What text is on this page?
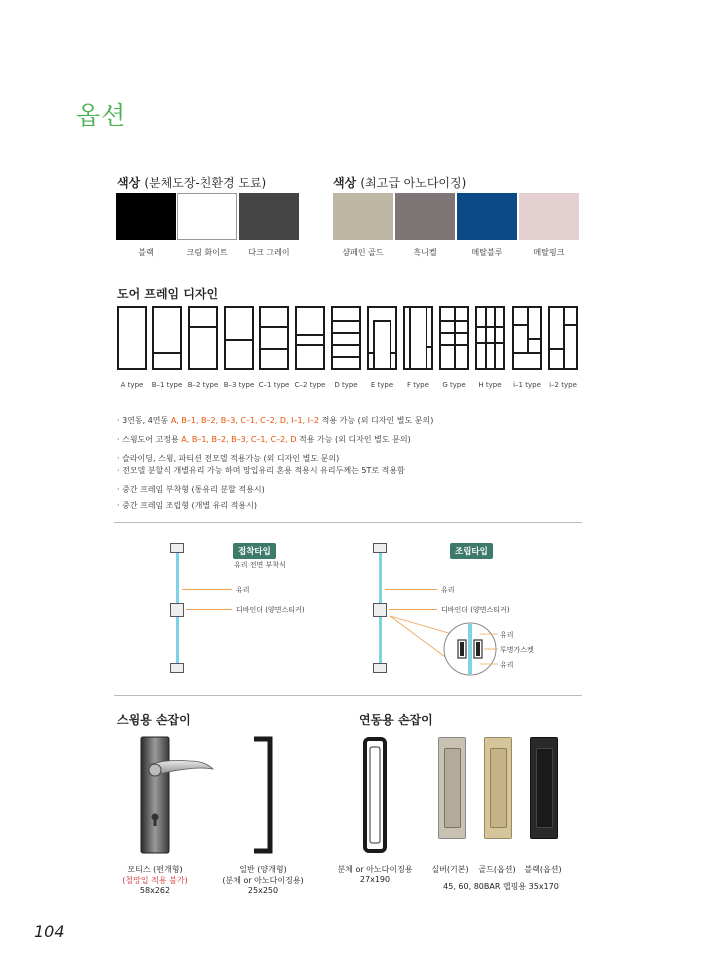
옵션
색상 (분체도장-친환경 도료)	색상 (최고급 아노다이징)
블랙	크림 화이트	다크 그레이	샴페인 골드	흑니켈	메탈블루	메탈핑크
도어 프레임 디자인
A type	B–1 type B–2 type B–3 type C–1 type C–2 type	D type	E type	F type	G type	H type	i–1 type	i–2 type
· 3연동, 4연동 A, B–1, B–2, B–3, C–1, C–2, D, I–1, I–2 적용 가능 (외 디자인 별도 문의)
· 스윙도어 고정용 A, B–1, B–2, B–3, C–1, C–2, D 적용 가능 (외 디자인 별도 문의)
· 슬라이딩, 스윙, 파티션 전모델 적용가능 (외 디자인 별도 문의)
· 전모델 분할식 개별유리 가능 하며 망입유리 혼용 적용시 유리두께는 5T로 적용함
· 중간 프레임 부착형 (통유리 분할 적용시)
· 중간 프레임 조립형 (개별 유리 적용시)
접착타입
유리 전면 부착식
유리
디바인더 (양면스티커)
조립타입
유리
디바인더 (양면스티커)
유리
투명가스켓
유리
스윙용 손잡이	연동용 손잡이
모티스 (편개형)
(철망입 적용 불가)
58x262
일반 (양개형)
(분체 or 아노다이징용)
25x250
분체 or 아노다이징용
27x190
실버(기본) 골드(옵션) 블랙(옵션)
45, 60, 80BAR 랩핑용 35x170
104
